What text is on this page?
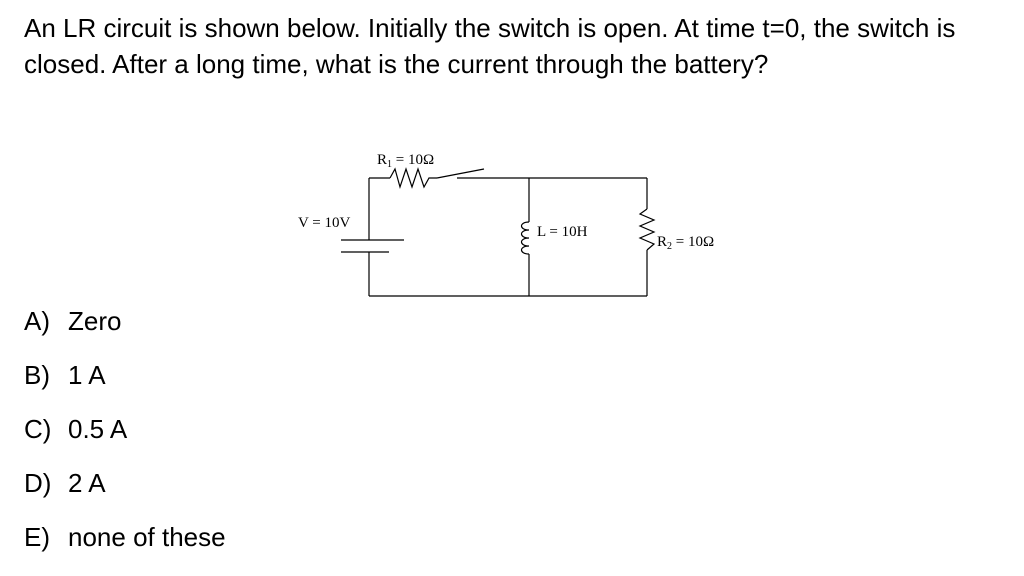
An LR circuit is shown below. Initially the switch is open. At time t=0, the switch is closed. After a long time, what is the current through the battery?
$R_1 = 10\Omega$
V = 10V
L = 10H
$R_2 = 10\Omega$
A) Zero
B) 1 A
C) 0.5 A
D) 2 A
E) none of these
